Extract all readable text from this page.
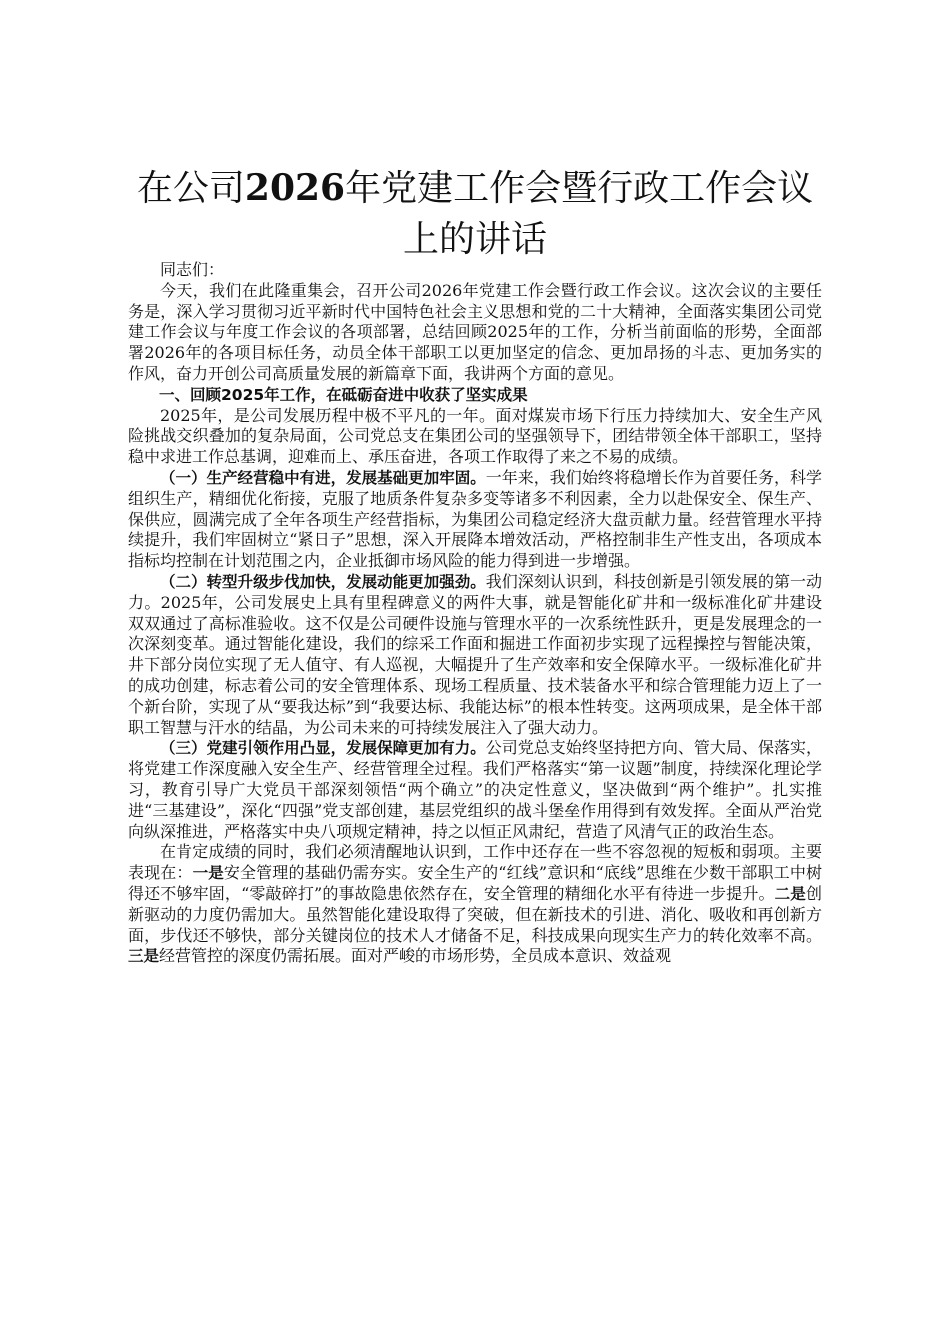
在公司2026年党建工作会暨行政工作会议上的讲话

同志们：

今天，我们在此隆重集会，召开公司2026年党建工作会暨行政工作会议。这次会议的主要任务是，深入学习贯彻习近平新时代中国特色社会主义思想和党的二十大精神，全面落实集团公司党建工作会议与年度工作会议的各项部署，总结回顾2025年的工作，分析当前面临的形势，全面部署2026年的各项目标任务，动员全体干部职工以更加坚定的信念、更加昂扬的斗志、更加务实的作风，奋力开创公司高质量发展的新篇章下面，我讲两个方面的意见。

一、回顾2025年工作，在砥砺奋进中收获了坚实成果

2025年，是公司发展历程中极不平凡的一年。面对煤炭市场下行压力持续加大、安全生产风险挑战交织叠加的复杂局面，公司党总支在集团公司的坚强领导下，团结带领全体干部职工，坚持稳中求进工作总基调，迎难而上、承压奋进，各项工作取得了来之不易的成绩。

（一）生产经营稳中有进，发展基础更加牢固。一年来，我们始终将稳增长作为首要任务，科学组织生产，精细优化衔接，克服了地质条件复杂多变等诸多不利因素，全力以赴保安全、保生产、保供应，圆满完成了全年各项生产经营指标，为集团公司稳定经济大盘贡献力量。经营管理水平持续提升，我们牢固树立“紧日子”思想，深入开展降本增效活动，严格控制非生产性支出，各项成本指标均控制在计划范围之内，企业抵御市场风险的能力得到进一步增强。

（二）转型升级步伐加快，发展动能更加强劲。我们深刻认识到，科技创新是引领发展的第一动力。2025年，公司发展史上具有里程碑意义的两件大事，就是智能化矿井和一级标准化矿井建设双双通过了高标准验收。这不仅是公司硬件设施与管理水平的一次系统性跃升，更是发展理念的一次深刻变革。通过智能化建设，我们的综采工作面和掘进工作面初步实现了远程操控与智能决策，井下部分岗位实现了无人值守、有人巡视，大幅提升了生产效率和安全保障水平。一级标准化矿井的成功创建，标志着公司的安全管理体系、现场工程质量、技术装备水平和综合管理能力迈上了一个新台阶，实现了从“要我达标”到“我要达标、我能达标”的根本性转变。这两项成果，是全体干部职工智慧与汗水的结晶，为公司未来的可持续发展注入了强大动力。

（三）党建引领作用凸显，发展保障更加有力。公司党总支始终坚持把方向、管大局、保落实，将党建工作深度融入安全生产、经营管理全过程。我们严格落实“第一议题”制度，持续深化理论学习，教育引导广大党员干部深刻领悟“两个确立”的决定性意义，坚决做到“两个维护”。扎实推进“三基建设”，深化“四强”党支部创建，基层党组织的战斗堡垒作用得到有效发挥。全面从严治党向纵深推进，严格落实中央八项规定精神，持之以恒正风肃纪，营造了风清气正的政治生态。

在肯定成绩的同时，我们必须清醒地认识到，工作中还存在一些不容忽视的短板和弱项。主要表现在：一是安全管理的基础仍需夯实。安全生产的“红线”意识和“底线”思维在少数干部职工中树得还不够牢固，“零敲碎打”的事故隐患依然存在，安全管理的精细化水平有待进一步提升。二是创新驱动的力度仍需加大。虽然智能化建设取得了突破，但在新技术的引进、消化、吸收和再创新方面，步伐还不够快，部分关键岗位的技术人才储备不足，科技成果向现实生产力的转化效率不高。三是经营管控的深度仍需拓展。面对严峻的市场形势，全员成本意识、效益观
